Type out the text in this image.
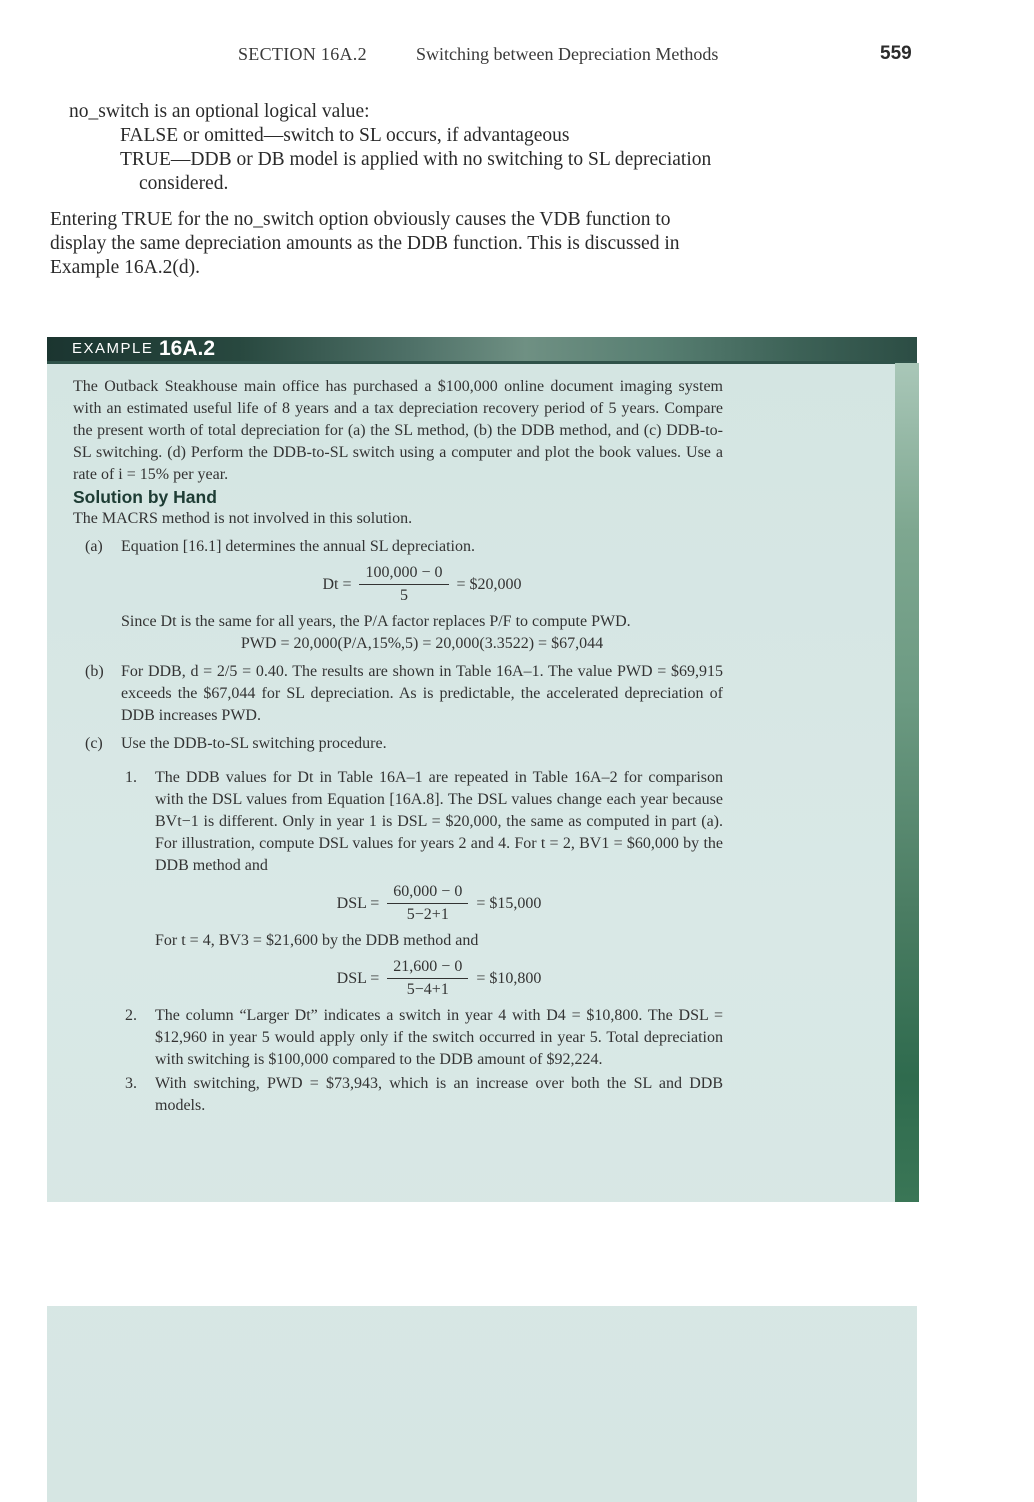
SECTION 16A.2	Switching between Depreciation Methods	559

no_switch is an optional logical value:

FALSE or omitted—switch to SL occurs, if advantageous

TRUE—DDB or DB model is applied with no switching to SL depreciation considered.

Entering TRUE for the no_switch option obviously causes the VDB function to display the same depreciation amounts as the DDB function. This is discussed in Example 16A.2(d).

EXAMPLE 16A.2

The Outback Steakhouse main office has purchased a $100,000 online document imaging system with an estimated useful life of 8 years and a tax depreciation recovery period of 5 years. Compare the present worth of total depreciation for (a) the SL method, (b) the DDB method, and (c) DDB-to-SL switching. (d) Perform the DDB-to-SL switch using a computer and plot the book values. Use a rate of i = 15% per year.

Solution by Hand

The MACRS method is not involved in this solution.

(a) Equation [16.1] determines the annual SL depreciation.

$Dt = \frac{100,000 - 0}{5}$ = $20,000

Since Dt is the same for all years, the P/A factor replaces P/F to compute PWD.

PWD = 20,000(P/A,15%,5) = 20,000(3.3522) = $67,044

(b) For DDB, d = 2/5 = 0.40. The results are shown in Table 16A–1. The value PWD = $69,915 exceeds the $67,044 for SL depreciation. As is predictable, the accelerated depreciation of DDB increases PWD.

(c) Use the DDB-to-SL switching procedure.

1. The DDB values for Dt in Table 16A–1 are repeated in Table 16A–2 for comparison with the DSL values from Equation [16A.8]. The DSL values change each year because BVt−1 is different. Only in year 1 is DSL = $20,000, the same as computed in part (a). For illustration, compute DSL values for years 2 and 4. For t = 2, BV1 = $60,000 by the DDB method and

DSL = $\frac{60,000 - 0}{5-2+1}$ = $15,000

For t = 4, BV3 = $21,600 by the DDB method and

DSL = $\frac{21,600 - 0}{5-4+1}$ = $10,800
2. The column “Larger Dt” indicates a switch in year 4 with D4 = $10,800. The DSL = $12,960 in year 5 would apply only if the switch occurred in year 5. Total depreciation with switching is $100,000 compared to the DDB amount of $92,224.

3. With switching, PWD = $73,943, which is an increase over both the SL and DDB models.
